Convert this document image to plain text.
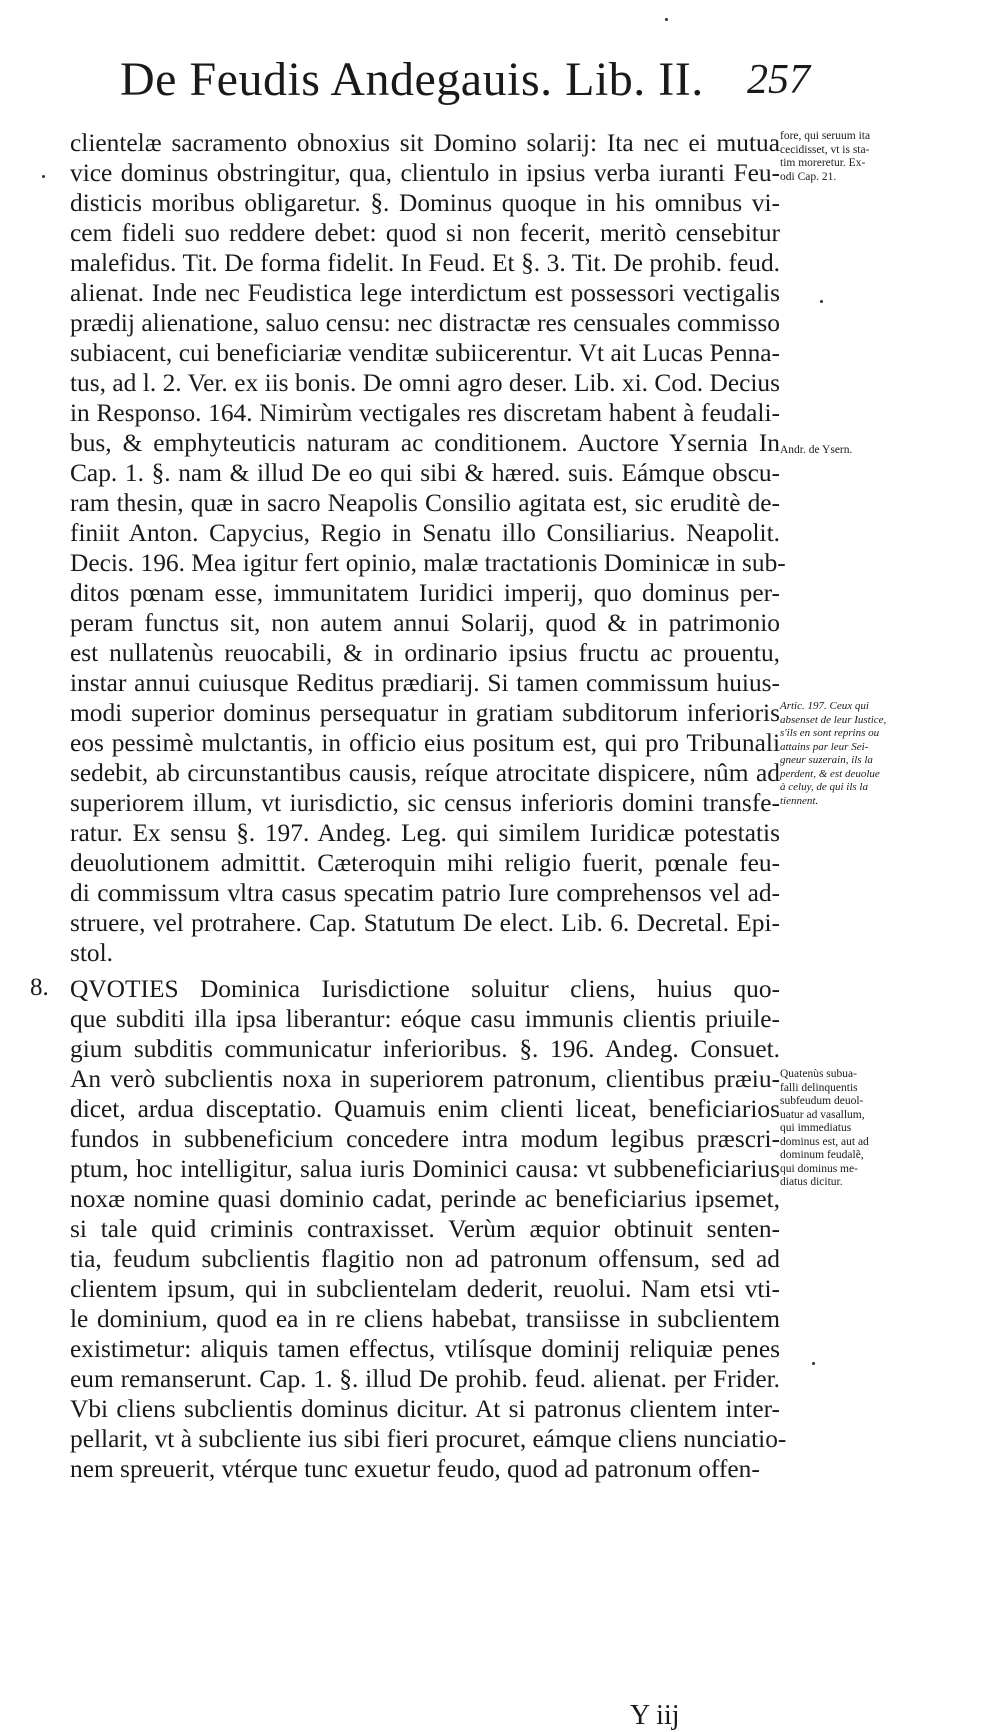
De Feudis Andegauis. Lib. II. 257
clientelæ sacramento obnoxius sit Domino solarij: Ita nec ei mutua
vice dominus obstringitur, qua, clientulo in ipsius verba iuranti Feu-
disticis moribus obligaretur. §. Dominus quoque in his omnibus vi-
cem fideli suo reddere debet: quod si non fecerit, meritò censebitur
malefidus. Tit. De forma fidelit. In Feud. Et §. 3. Tit. De prohib. feud.
alienat. Inde nec Feudistica lege interdictum est possessori vectigalis
prædij alienatione, saluo censu: nec distractæ res censuales commisso
subiacent, cui beneficiariæ venditæ subiicerentur. Vt ait Lucas Penna-
tus, ad l. 2. Ver. ex iis bonis. De omni agro deser. Lib. xi. Cod. Decius
in Responso. 164. Nimirùm vectigales res discretam habent à feudali-
bus, & emphyteuticis naturam ac conditionem. Auctore Ysernia In
Cap. 1. §. nam & illud De eo qui sibi & hæred. suis. Eámque obscu-
ram thesin, quæ in sacro Neapolis Consilio agitata est, sic eruditè de-
finiit Anton. Capycius, Regio in Senatu illo Consiliarius. Neapolit.
Decis. 196. Mea igitur fert opinio, malæ tractationis Dominicæ in sub-
ditos pœnam esse, immunitatem Iuridici imperij, quo dominus per-
peram functus sit, non autem annui Solarij, quod & in patrimonio
est nullatenùs reuocabili, & in ordinario ipsius fructu ac prouentu,
instar annui cuiusque Reditus prædiarij. Si tamen commissum huius-
modi superior dominus persequatur in gratiam subditorum inferioris
eos pessimè mulctantis, in officio eius positum est, qui pro Tribunali
sedebit, ab circunstantibus causis, reíque atrocitate dispicere, nûm ad
superiorem illum, vt iurisdictio, sic census inferioris domini transfe-
ratur. Ex sensu §. 197. Andeg. Leg. qui similem Iuridicæ potestatis
deuolutionem admittit. Cæteroquin mihi religio fuerit, pœnale feu-
di commissum vltra casus specatim patrio Iure comprehensos vel ad-
struere, vel protrahere. Cap. Statutum De elect. Lib. 6. Decretal. Epi-
stol.
QVOTIES Dominica Iurisdictione soluitur cliens, huius quo-
que subditi illa ipsa liberantur: eóque casu immunis clientis priuile-
gium subditis communicatur inferioribus. §. 196. Andeg. Consuet.
An verò subclientis noxa in superiorem patronum, clientibus præiu-
dicet, ardua disceptatio. Quamuis enim clienti liceat, beneficiarios
fundos in subbeneficium concedere intra modum legibus præscri-
ptum, hoc intelligitur, salua iuris Dominici causa: vt subbeneficiarius
noxæ nomine quasi dominio cadat, perinde ac beneficiarius ipsemet,
si tale quid criminis contraxisset. Verùm æquior obtinuit senten-
tia, feudum subclientis flagitio non ad patronum offensum, sed ad
clientem ipsum, qui in subclientelam dederit, reuolui. Nam etsi vti-
le dominium, quod ea in re cliens habebat, transiisse in subclientem
existimetur: aliquis tamen effectus, vtilísque dominij reliquiæ penes
eum remanserunt. Cap. 1. §. illud De prohib. feud. alienat. per Frider.
Vbi cliens subclientis dominus dicitur. At si patronus clientem inter-
pellarit, vt à subcliente ius sibi fieri procuret, eámque cliens nunciatio-
nem spreuerit, vtérque tunc exuetur feudo, quod ad patronum offen-
fore, qui seruum ita
cecidisset, vt is sta-
tim moreretur. Ex-
odi Cap. 21.
Andr. de Ysern.
Artic. 197. Ceux qui
absenset de leur Iustice,
s'ils en sont reprins ou
attains par leur Sei-
gneur suzerain, ils la
perdent, & est deuolue
à celuy, de qui ils la
tiennent.
Quatenùs subua-
falli delinquentis
subfeudum deuol-
uatur ad vasallum,
qui immediatus
dominus est, aut ad
dominum feudalẽ,
qui dominus me-
diatus dicitur.
Y iij
8.
